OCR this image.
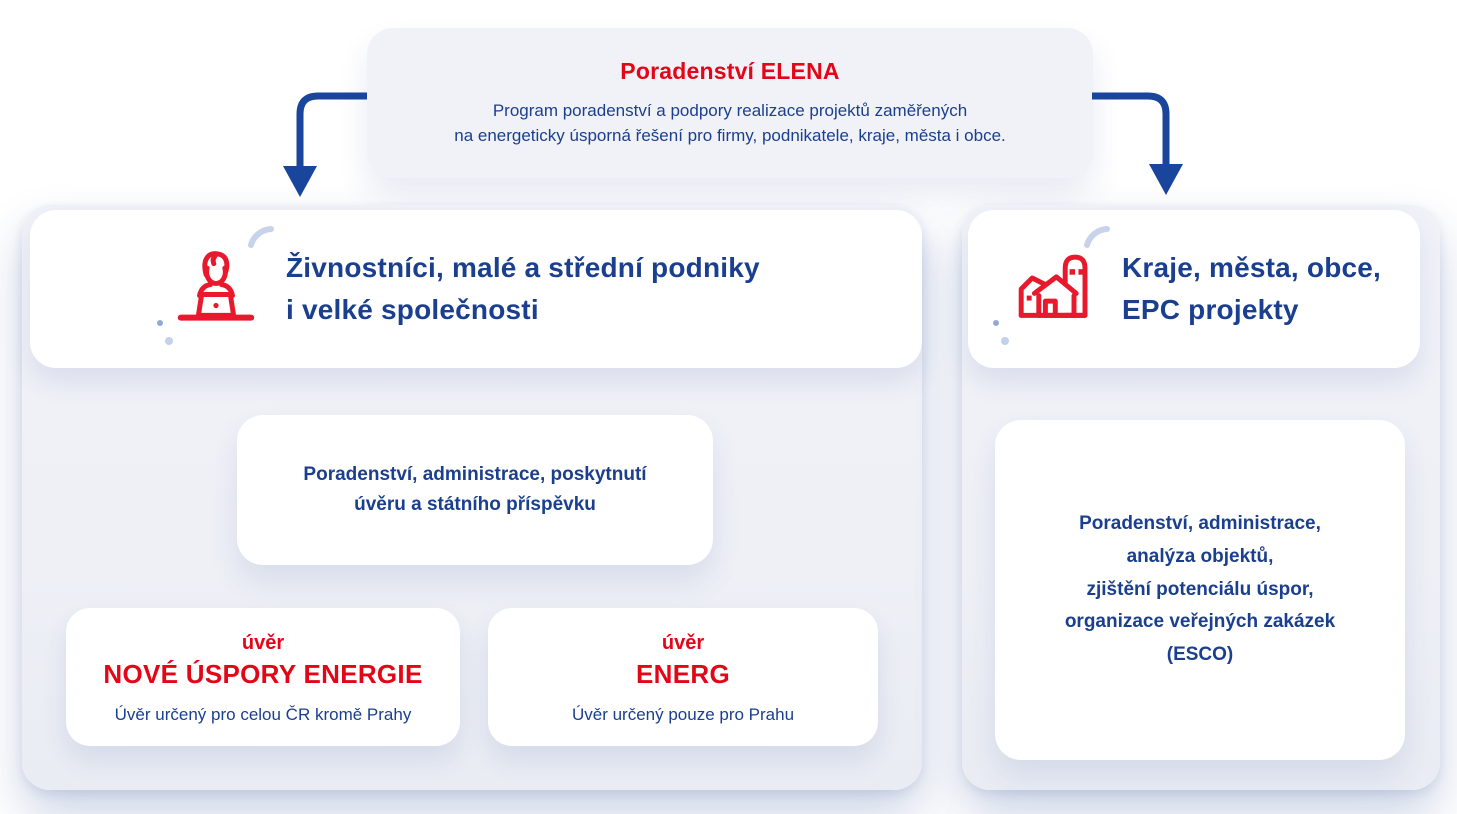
Poradenství ELENA
Program poradenství a podpory realizace projektů zaměřených
na energeticky úsporná řešení pro firmy, podnikatele, kraje, města i obce.
Živnostníci, malé a střední podniky
i velké společnosti
Kraje, města, obce,
EPC projekty
Poradenství, administrace, poskytnutí
úvěru a státního příspěvku
úvěr
NOVÉ ÚSPORY ENERGIE
Úvěr určený pro celou ČR kromě Prahy
úvěr
ENERG
Úvěr určený pouze pro Prahu
Poradenství, administrace,
analýza objektů,
zjištění potenciálu úspor,
organizace veřejných zakázek
(ESCO)
